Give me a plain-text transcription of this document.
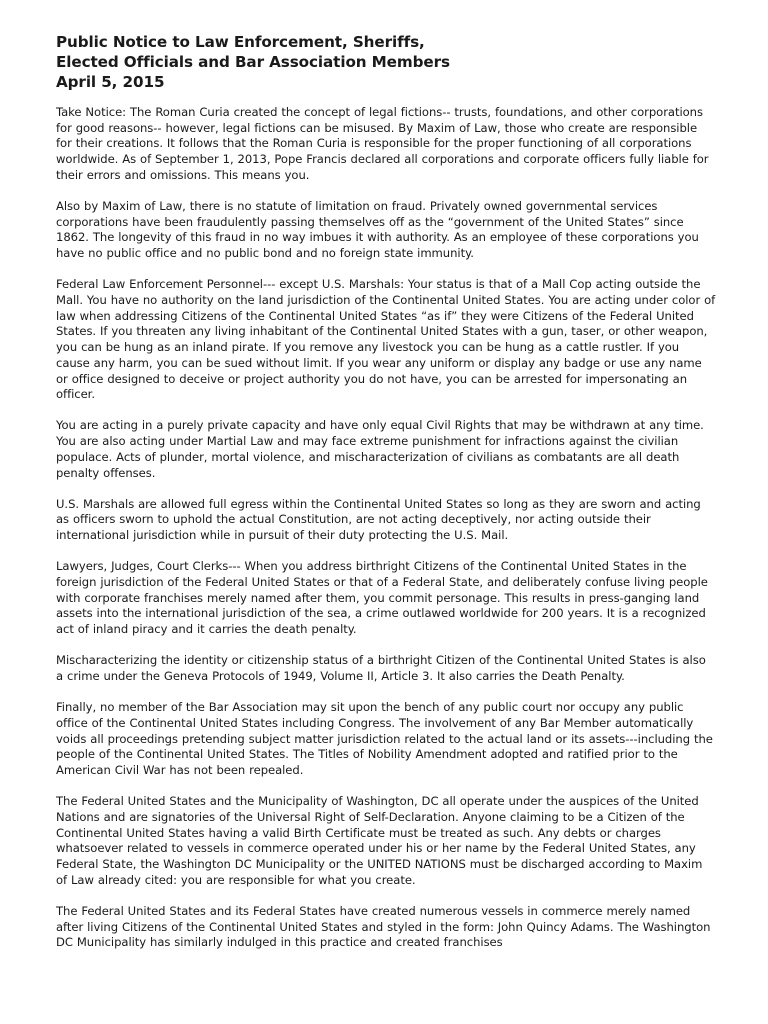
Public Notice to Law Enforcement, Sheriffs,
Elected Officials and Bar Association Members
April 5, 2015

Take Notice: The Roman Curia created the concept of legal fictions-- trusts, foundations, and other corporations for good reasons-- however, legal fictions can be misused. By Maxim of Law, those who create are responsible for their creations. It follows that the Roman Curia is responsible for the proper functioning of all corporations worldwide. As of September 1, 2013, Pope Francis declared all corporations and corporate officers fully liable for their errors and omissions. This means you.

Also by Maxim of Law, there is no statute of limitation on fraud. Privately owned governmental services corporations have been fraudulently passing themselves off as the “government of the United States” since 1862. The longevity of this fraud in no way imbues it with authority. As an employee of these corporations you have no public office and no public bond and no foreign state immunity.

Federal Law Enforcement Personnel--- except U.S. Marshals: Your status is that of a Mall Cop acting outside the Mall. You have no authority on the land jurisdiction of the Continental United States. You are acting under color of law when addressing Citizens of the Continental United States “as if” they were Citizens of the Federal United States. If you threaten any living inhabitant of the Continental United States with a gun, taser, or other weapon, you can be hung as an inland pirate. If you remove any livestock you can be hung as a cattle rustler. If you cause any harm, you can be sued without limit. If you wear any uniform or display any badge or use any name or office designed to deceive or project authority you do not have, you can be arrested for impersonating an officer.

You are acting in a purely private capacity and have only equal Civil Rights that may be withdrawn at any time. You are also acting under Martial Law and may face extreme punishment for infractions against the civilian populace. Acts of plunder, mortal violence, and mischaracterization of civilians as combatants are all death penalty offenses.

U.S. Marshals are allowed full egress within the Continental United States so long as they are sworn and acting as officers sworn to uphold the actual Constitution, are not acting deceptively, nor acting outside their international jurisdiction while in pursuit of their duty protecting the U.S. Mail.

Lawyers, Judges, Court Clerks--- When you address birthright Citizens of the Continental United States in the foreign jurisdiction of the Federal United States or that of a Federal State, and deliberately confuse living people with corporate franchises merely named after them, you commit personage. This results in press-ganging land assets into the international jurisdiction of the sea, a crime outlawed worldwide for 200 years. It is a recognized act of inland piracy and it carries the death penalty.

Mischaracterizing the identity or citizenship status of a birthright Citizen of the Continental United States is also a crime under the Geneva Protocols of 1949, Volume II, Article 3. It also carries the Death Penalty.

Finally, no member of the Bar Association may sit upon the bench of any public court nor occupy any public office of the Continental United States including Congress. The involvement of any Bar Member automatically voids all proceedings pretending subject matter jurisdiction related to the actual land or its assets---including the people of the Continental United States. The Titles of Nobility Amendment adopted and ratified prior to the American Civil War has not been repealed.

The Federal United States and the Municipality of Washington, DC all operate under the auspices of the United Nations and are signatories of the Universal Right of Self-Declaration. Anyone claiming to be a Citizen of the Continental United States having a valid Birth Certificate must be treated as such. Any debts or charges whatsoever related to vessels in commerce operated under his or her name by the Federal United States, any Federal State, the Washington DC Municipality or the UNITED NATIONS must be discharged according to Maxim of Law already cited: you are responsible for what you create.

The Federal United States and its Federal States have created numerous vessels in commerce merely named after living Citizens of the Continental United States and styled in the form: John Quincy Adams. The Washington DC Municipality has similarly indulged in this practice and created franchises
